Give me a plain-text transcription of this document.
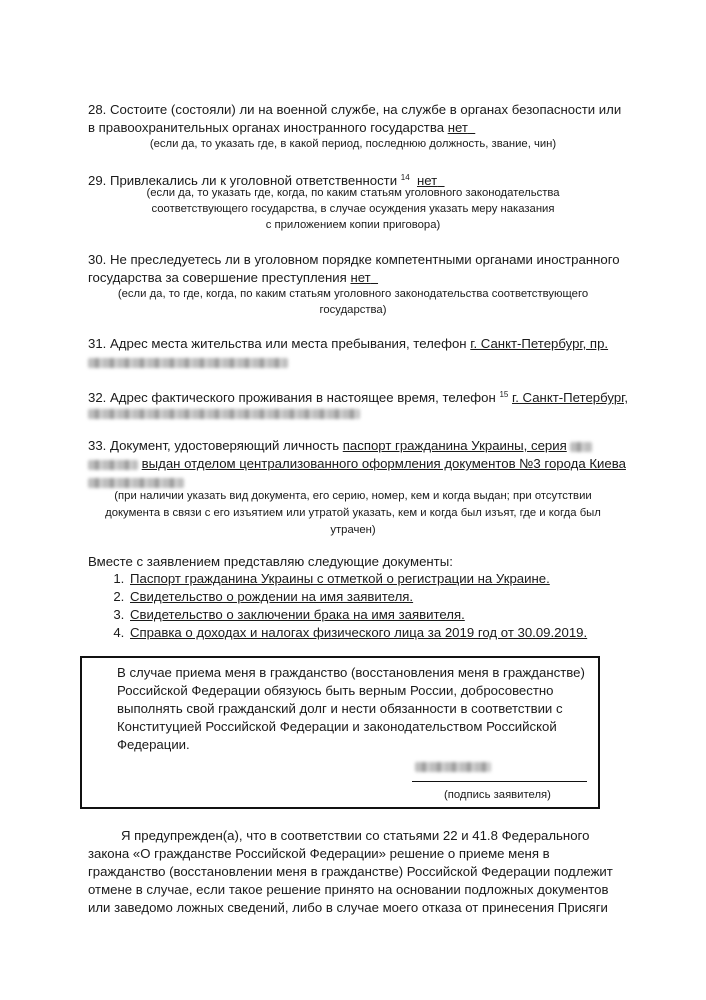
28. Состоите (состояли) ли на военной службе, на службе в органах безопасности или
в правоохранительных органах иностранного государства нет
(если да, то указать где, в какой период, последнюю должность, звание, чин)
29. Привлекались ли к уголовной ответственности $^{14}$ нет
(если да, то указать где, когда, по каким статьям уголовного законодательства
соответствующего государства, в случае осуждения указать меру наказания
с приложением копии приговора)
30. Не преследуетесь ли в уголовном порядке компетентными органами иностранного
государства за совершение преступления нет
(если да, то где, когда, по каким статьям уголовного законодательства соответствующего
государства)
31. Адрес места жительства или места пребывания, телефон г. Санкт-Петербург, пр.
32. Адрес фактического проживания в настоящее время, телефон $^{15}$ г. Санкт-Петербург,
33. Документ, удостоверяющий личность паспорт гражданина Украины, серия
выдан отделом централизованного оформления документов №3 города Киева
(при наличии указать вид документа, его серию, номер, кем и когда выдан; при отсутствии
документа в связи с его изъятием или утратой указать, кем и когда был изъят, где и когда был
утрачен)
Вместе с заявлением представляю следующие документы:
1. Паспорт гражданина Украины с отметкой о регистрации на Украине.
2. Свидетельство о рождении на имя заявителя.
3. Свидетельство о заключении брака на имя заявителя.
4. Справка о доходах и налогах физического лица за 2019 год от 30.09.2019.
В случае приема меня в гражданство (восстановления меня в гражданстве)
Российской Федерации обязуюсь быть верным России, добросовестно
выполнять свой гражданский долг и нести обязанности в соответствии с
Конституцией Российской Федерации и законодательством Российской
Федерации.
(подпись заявителя)
Я предупрежден(а), что в соответствии со статьями 22 и 41.8 Федерального
закона «О гражданстве Российской Федерации» решение о приеме меня в
гражданство (восстановлении меня в гражданстве) Российской Федерации подлежит
отмене в случае, если такое решение принято на основании подложных документов
или заведомо ложных сведений, либо в случае моего отказа от принесения Присяги
